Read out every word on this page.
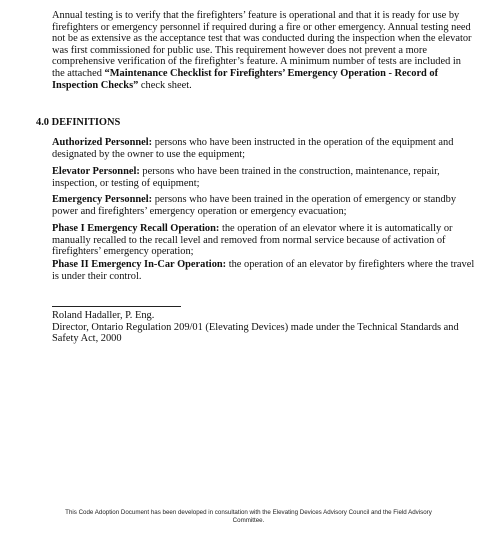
Annual testing is to verify that the firefighters’ feature is operational and that it is ready for use by
firefighters or emergency personnel if required during a fire or other emergency. Annual testing need
not be as extensive as the acceptance test that was conducted during the inspection when the elevator
was first commissioned for public use. This requirement however does not prevent a more
comprehensive verification of the firefighter’s feature. A minimum number of tests are included in
the attached “Maintenance Checklist for Firefighters’ Emergency Operation - Record of
Inspection Checks” check sheet.
4.0 DEFINITIONS
Authorized Personnel: persons who have been instructed in the operation of the equipment and
designated by the owner to use the equipment;
Elevator Personnel: persons who have been trained in the construction, maintenance, repair,
inspection, or testing of equipment;
Emergency Personnel: persons who have been trained in the operation of emergency or standby
power and firefighters’ emergency operation or emergency evacuation;
Phase I Emergency Recall Operation: the operation of an elevator where it is automatically or
manually recalled to the recall level and removed from normal service because of activation of
firefighters’ emergency operation;
Phase II Emergency In-Car Operation: the operation of an elevator by firefighters where the travel
is under their control.
Roland Hadaller, P. Eng.
Director, Ontario Regulation 209/01 (Elevating Devices) made under the Technical Standards and
Safety Act, 2000
This Code Adoption Document has been developed in consultation with the Elevating Devices Advisory Council and the Field Advisory
Committee.
